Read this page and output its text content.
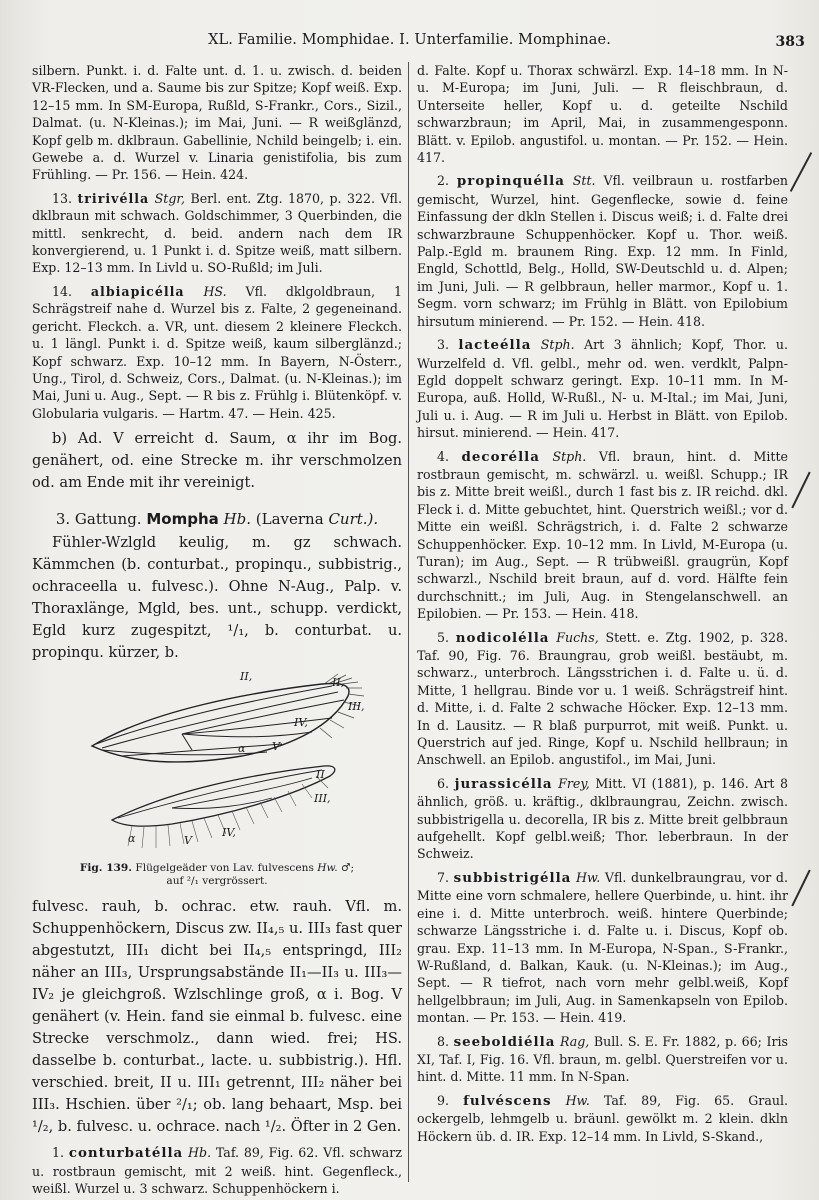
XL. Familie. Momphidae. I. Unterfamilie. Momphinae.	383

silbern. Punkt. i. d. Falte unt. d. 1. u. zwisch. d. beiden VR-Flecken, und a. Saume bis zur Spitze; Kopf weiß. Exp. 12–15 mm. In SM-Europa, Rußld, S-Frankr., Cors., Sizil., Dalmat. (u. N-Kleinas.); im Mai, Juni. — R weißglänzd, Kopf gelb m. dklbraun. Gabellinie, Nchild beingelb; i. ein. Gewebe a. d. Wurzel v. Linaria genistifolia, bis zum Frühling. — Pr. 156. — Hein. 424.

13. tririvélla Stgr, Berl. ent. Ztg. 1870, p. 322. Vfl. dklbraun mit schwach. Goldschimmer, 3 Querbinden, die mittl. senkrecht, d. beid. andern nach dem IR konvergierend, u. 1 Punkt i. d. Spitze weiß, matt silbern. Exp. 12–13 mm. In Livld u. SO-Rußld; im Juli.

14. albiapicélla HS. Vfl. dklgoldbraun, 1 Schrägstreif nahe d. Wurzel bis z. Falte, 2 gegeneinand. gericht. Fleckch. a. VR, unt. diesem 2 kleinere Fleckch. u. 1 längl. Punkt i. d. Spitze weiß, kaum silberglänzd.; Kopf schwarz. Exp. 10–12 mm. In Bayern, N-Österr., Ung., Tirol, d. Schweiz, Cors., Dalmat. (u. N-Kleinas.); im Mai, Juni u. Aug., Sept. — R bis z. Frühlg i. Blütenköpf. v. Globularia vulgaris. — Hartm. 47. — Hein. 425.

b) Ad. V erreicht d. Saum, α ihr im Bog. genähert, od. eine Strecke m. ihr verschmolzen od. am Ende mit ihr vereinigt.

3. Gattung. Mompha Hb. (Laverna Curt.).

Fühler-Wzlgld keulig, m. gz schwach. Kämmchen (b. conturbat., propinqu., subbistrig., ochraceella u. fulvesc.). Ohne N-Aug., Palp. v. Thoraxlänge, Mgld, bes. unt., schupp. verdickt, Egld kurz zugespitzt, ¹/₁, b. conturbat. u. propinqu. kürzer, b.

II,	II,
III,
IV,
α V
II
III,
α	V
IV,

Fig. 139. Flügelgeäder von Lav. fulvescens Hw. ♂;
auf ²/₁ vergrössert.

fulvesc. rauh, b. ochrac. etw. rauh. Vfl. m. Schuppenhöckern, Discus zw. II₄,₅ u. III₃ fast quer abgestutzt, III₁ dicht bei II₄,₅ entspringd, III₂ näher an III₃, Ursprungsabstände II₁—II₃ u. III₃—IV₂ je gleichgroß. Wzlschlinge groß, α i. Bog. V genähert (v. Hein. fand sie einmal b. fulvesc. eine Strecke verschmolz., dann wied. frei; HS. dasselbe b. conturbat., lacte. u. subbistrig.). Hfl. verschied. breit, II u. III₁ getrennt, III₂ näher bei III₃. Hschien. über ²/₁; ob. lang behaart, Msp. bei ¹/₂, b. fulvesc. u. ochrace. nach ¹/₂. Öfter in 2 Gen.

1. conturbatélla Hb. Taf. 89, Fig. 62. Vfl. schwarz u. rostbraun gemischt, mit 2 weiß. hint. Gegenfleck., weißl. Wurzel u. 3 schwarz. Schuppenhöckern i.

d. Falte. Kopf u. Thorax schwärzl. Exp. 14–18 mm. In N- u. M-Europa; im Juni, Juli. — R fleischbraun, d. Unterseite heller, Kopf u. d. geteilte Nschild schwarzbraun; im April, Mai, in zusammengesponn. Blätt. v. Epilob. angustifol. u. montan. — Pr. 152. — Hein. 417.

2. propinquélla Stt. Vfl. veilbraun u. rostfarben gemischt, Wurzel, hint. Gegenflecke, sowie d. feine Einfassung der dkln Stellen i. Discus weiß; i. d. Falte drei schwarzbraune Schuppenhöcker. Kopf u. Thor. weiß. Palp.-Egld m. braunem Ring. Exp. 12 mm. In Finld, Engld, Schottld, Belg., Holld, SW-Deutschld u. d. Alpen; im Juni, Juli. — R gelbbraun, heller marmor., Kopf u. 1. Segm. vorn schwarz; im Frühlg in Blätt. von Epilobium hirsutum minierend. — Pr. 152. — Hein. 418.

3. lacteélla Stph. Art 3 ähnlich; Kopf, Thor. u. Wurzelfeld d. Vfl. gelbl., mehr od. wen. verdklt, Palpn-Egld doppelt schwarz geringt. Exp. 10–11 mm. In M-Europa, auß. Holld, W-Rußl., N- u. M-Ital.; im Mai, Juni, Juli u. i. Aug. — R im Juli u. Herbst in Blätt. von Epilob. hirsut. minierend. — Hein. 417.

4. decorélla Stph. Vfl. braun, hint. d. Mitte rostbraun gemischt, m. schwärzl. u. weißl. Schupp.; IR bis z. Mitte breit weißl., durch 1 fast bis z. IR reichd. dkl. Fleck i. d. Mitte gebuchtet, hint. Querstrich weißl.; vor d. Mitte ein weißl. Schrägstrich, i. d. Falte 2 schwarze Schuppenhöcker. Exp. 10–12 mm. In Livld, M-Europa (u. Turan); im Aug., Sept. — R trübweißl. graugrün, Kopf schwarzl., Nschild breit braun, auf d. vord. Hälfte fein durchschnitt.; im Juli, Aug. in Stengelanschwell. an Epilobien. — Pr. 153. — Hein. 418.

5. nodicolélla Fuchs, Stett. e. Ztg. 1902, p. 328. Taf. 90, Fig. 76. Braungrau, grob weißl. bestäubt, m. schwarz., unterbroch. Längsstrichen i. d. Falte u. ü. d. Mitte, 1 hellgrau. Binde vor u. 1 weiß. Schrägstreif hint. d. Mitte, i. d. Falte 2 schwache Höcker. Exp. 12–13 mm. In d. Lausitz. — R blaß purpurrot, mit weiß. Punkt. u. Querstrich auf jed. Ringe, Kopf u. Nschild hellbraun; in Anschwell. an Epilob. angustifol., im Mai, Juni.

6. jurassicélla Frey, Mitt. VI (1881), p. 146. Art 8 ähnlich, größ. u. kräftig., dklbraungrau, Zeichn. zwisch. subbistrigella u. decorella, IR bis z. Mitte breit gelbbraun aufgehellt. Kopf gelbl.weiß; Thor. leberbraun. In der Schweiz.

7. subbistrigélla Hw. Vfl. dunkelbraungrau, vor d. Mitte eine vorn schmalere, hellere Querbinde, u. hint. ihr eine i. d. Mitte unterbroch. weiß. hintere Querbinde; schwarze Längsstriche i. d. Falte u. i. Discus, Kopf ob. grau. Exp. 11–13 mm. In M-Europa, N-Span., S-Frankr., W-Rußland, d. Balkan, Kauk. (u. N-Kleinas.); im Aug., Sept. — R tiefrot, nach vorn mehr gelbl.weiß, Kopf hellgelbbraun; im Juli, Aug. in Samenkapseln von Epilob. montan. — Pr. 153. — Hein. 419.

8. seeboldiélla Rag, Bull. S. E. Fr. 1882, p. 66; Iris XI, Taf. I, Fig. 16. Vfl. braun, m. gelbl. Querstreifen vor u. hint. d. Mitte. 11 mm. In N-Span.

9. fulvéscens Hw. Taf. 89, Fig. 65. Graul. ockergelb, lehmgelb u. bräunl. gewölkt m. 2 klein. dkln Höckern üb. d. IR. Exp. 12–14 mm. In Livld, S-Skand.,
